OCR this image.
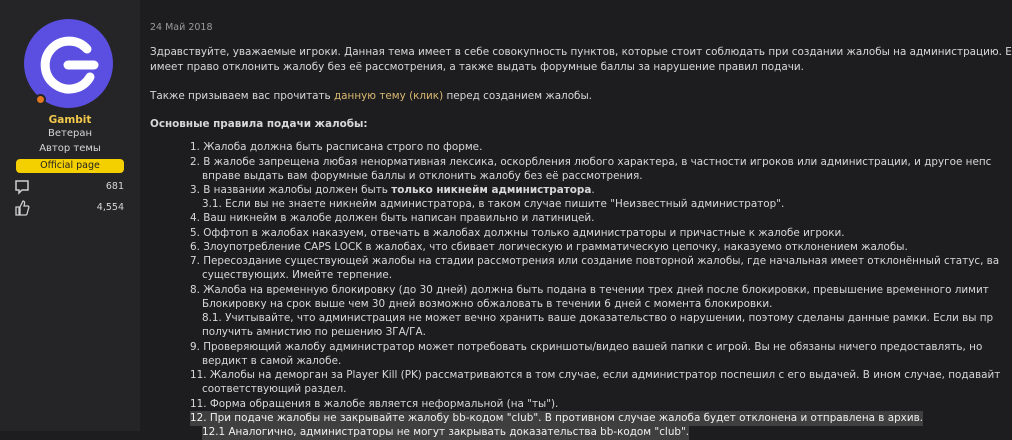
Gambit
Ветеран
Автор темы
Official page
681
4,554
24 Май 2018
Здравствуйте, уважаемые игроки. Данная тема имеет в себе совокупность пунктов, которые стоит соблюдать при создании жалобы на администрацию. Е
имеет право отклонить жалобу без её рассмотрения, а также выдать форумные баллы за нарушение правил подачи.
Также призываем вас прочитать данную тему (клик) перед созданием жалобы.
Основные правила подачи жалобы:
1. Жалоба должна быть расписана строго по форме.
2. В жалобе запрещена любая ненормативная лексика, оскорбления любого характера, в частности игроков или администрации, и другое непс
вправе выдать вам форумные баллы и отклонить жалобу без её рассмотрения.
3. В названии жалобы должен быть только никнейм администратора.
3.1. Если вы не знаете никнейм администратора, в таком случае пишите "Неизвестный администратор".
4. Ваш никнейм в жалобе должен быть написан правильно и латиницей.
5. Оффтоп в жалобах наказуем, отвечать в жалобах должны только администраторы и причастные к жалобе игроки.
6. Злоупотребление CAPS LOCK в жалобах, что сбивает логическую и грамматическую цепочку, наказуемо отклонением жалобы.
7. Пересоздание существующей жалобы на стадии рассмотрения или создание повторной жалобы, где начальная имеет отклонённый статус, ва
существующих. Имейте терпение.
8. Жалоба на временную блокировку (до 30 дней) должна быть подана в течении трех дней после блокировки, превышение временного лимит
Блокировку на срок выше чем 30 дней возможно обжаловать в течении 6 дней с момента блокировки.
8.1. Учитывайте, что администрация не может вечно хранить ваше доказательство о нарушении, поэтому сделаны данные рамки. Если вы пр
получить амнистию по решению ЗГА/ГА.
9. Проверяющий жалобу администратор может потребовать скриншоты/видео вашей папки с игрой. Вы не обязаны ничего предоставлять, но
вердикт в самой жалобе.
11. Жалобы на деморган за Player Kill (PK) рассматриваются в том случае, если администратор поспешил с его выдачей. В ином случае, подавайт
соответствующий раздел.
11. Форма обращения в жалобе является неформальной (на "ты").
12. При подаче жалобы не закрывайте жалобу bb-кодом "club". В противном случае жалоба будет отклонена и отправлена в архив.
12.1 Аналогично, администраторы не могут закрывать доказательства bb-кодом "club".
